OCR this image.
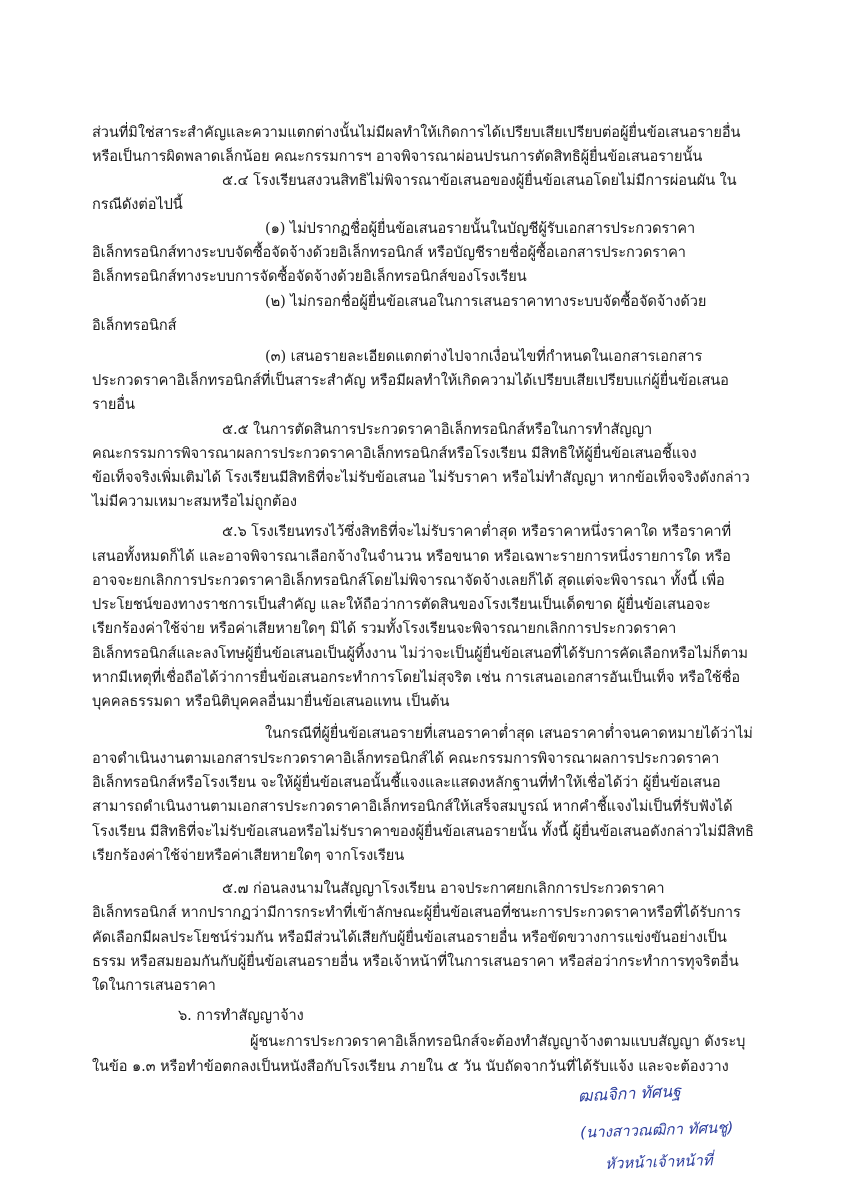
ส่วนที่มิใช่สาระสำคัญและความแตกต่างนั้นไม่มีผลทำให้เกิดการได้เปรียบเสียเปรียบต่อผู้ยื่นข้อเสนอรายอื่น
หรือเป็นการผิดพลาดเล็กน้อย คณะกรรมการฯ อาจพิจารณาผ่อนปรนการตัดสิทธิผู้ยื่นข้อเสนอรายนั้น
๕.๔ โรงเรียนสงวนสิทธิไม่พิจารณาข้อเสนอของผู้ยื่นข้อเสนอโดยไม่มีการผ่อนผัน ใน
กรณีดังต่อไปนี้
(๑) ไม่ปรากฏชื่อผู้ยื่นข้อเสนอรายนั้นในบัญชีผู้รับเอกสารประกวดราคา
อิเล็กทรอนิกส์ทางระบบจัดซื้อจัดจ้างด้วยอิเล็กทรอนิกส์ หรือบัญชีรายชื่อผู้ซื้อเอกสารประกวดราคา
อิเล็กทรอนิกส์ทางระบบการจัดซื้อจัดจ้างด้วยอิเล็กทรอนิกส์ของโรงเรียน
(๒) ไม่กรอกชื่อผู้ยื่นข้อเสนอในการเสนอราคาทางระบบจัดซื้อจัดจ้างด้วย
อิเล็กทรอนิกส์
(๓) เสนอรายละเอียดแตกต่างไปจากเงื่อนไขที่กำหนดในเอกสารเอกสาร
ประกวดราคาอิเล็กทรอนิกส์ที่เป็นสาระสำคัญ หรือมีผลทำให้เกิดความได้เปรียบเสียเปรียบแก่ผู้ยื่นข้อเสนอ
รายอื่น
๕.๕ ในการตัดสินการประกวดราคาอิเล็กทรอนิกส์หรือในการทำสัญญา
คณะกรรมการพิจารณาผลการประกวดราคาอิเล็กทรอนิกส์หรือโรงเรียน มีสิทธิให้ผู้ยื่นข้อเสนอชี้แจง
ข้อเท็จจริงเพิ่มเติมได้ โรงเรียนมีสิทธิที่จะไม่รับข้อเสนอ ไม่รับราคา หรือไม่ทำสัญญา หากข้อเท็จจริงดังกล่าว
ไม่มีความเหมาะสมหรือไม่ถูกต้อง
๕.๖ โรงเรียนทรงไว้ซึ่งสิทธิที่จะไม่รับราคาต่ำสุด หรือราคาหนึ่งราคาใด หรือราคาที่
เสนอทั้งหมดก็ได้ และอาจพิจารณาเลือกจ้างในจำนวน หรือขนาด หรือเฉพาะรายการหนึ่งรายการใด หรือ
อาจจะยกเลิกการประกวดราคาอิเล็กทรอนิกส์โดยไม่พิจารณาจัดจ้างเลยก็ได้ สุดแต่จะพิจารณา ทั้งนี้ เพื่อ
ประโยชน์ของทางราชการเป็นสำคัญ และให้ถือว่าการตัดสินของโรงเรียนเป็นเด็ดขาด ผู้ยื่นข้อเสนอจะ
เรียกร้องค่าใช้จ่าย หรือค่าเสียหายใดๆ มิได้ รวมทั้งโรงเรียนจะพิจารณายกเลิกการประกวดราคา
อิเล็กทรอนิกส์และลงโทษผู้ยื่นข้อเสนอเป็นผู้ทิ้งงาน ไม่ว่าจะเป็นผู้ยื่นข้อเสนอที่ได้รับการคัดเลือกหรือไม่ก็ตาม
หากมีเหตุที่เชื่อถือได้ว่าการยื่นข้อเสนอกระทำการโดยไม่สุจริต เช่น การเสนอเอกสารอันเป็นเท็จ หรือใช้ชื่อ
บุคคลธรรมดา หรือนิติบุคคลอื่นมายื่นข้อเสนอแทน เป็นต้น
ในกรณีที่ผู้ยื่นข้อเสนอรายที่เสนอราคาต่ำสุด เสนอราคาต่ำจนคาดหมายได้ว่าไม่
อาจดำเนินงานตามเอกสารประกวดราคาอิเล็กทรอนิกส์ได้ คณะกรรมการพิจารณาผลการประกวดราคา
อิเล็กทรอนิกส์หรือโรงเรียน จะให้ผู้ยื่นข้อเสนอนั้นชี้แจงและแสดงหลักฐานที่ทำให้เชื่อได้ว่า ผู้ยื่นข้อเสนอ
สามารถดำเนินงานตามเอกสารประกวดราคาอิเล็กทรอนิกส์ให้เสร็จสมบูรณ์ หากคำชี้แจงไม่เป็นที่รับฟังได้
โรงเรียน มีสิทธิที่จะไม่รับข้อเสนอหรือไม่รับราคาของผู้ยื่นข้อเสนอรายนั้น ทั้งนี้ ผู้ยื่นข้อเสนอดังกล่าวไม่มีสิทธิ
เรียกร้องค่าใช้จ่ายหรือค่าเสียหายใดๆ จากโรงเรียน
๕.๗ ก่อนลงนามในสัญญาโรงเรียน อาจประกาศยกเลิกการประกวดราคา
อิเล็กทรอนิกส์ หากปรากฏว่ามีการกระทำที่เข้าลักษณะผู้ยื่นข้อเสนอที่ชนะการประกวดราคาหรือที่ได้รับการ
คัดเลือกมีผลประโยชน์ร่วมกัน หรือมีส่วนได้เสียกับผู้ยื่นข้อเสนอรายอื่น หรือขัดขวางการแข่งขันอย่างเป็น
ธรรม หรือสมยอมกันกับผู้ยื่นข้อเสนอรายอื่น หรือเจ้าหน้าที่ในการเสนอราคา หรือส่อว่ากระทำการทุจริตอื่น
ใดในการเสนอราคา
๖. การทำสัญญาจ้าง
ผู้ชนะการประกวดราคาอิเล็กทรอนิกส์จะต้องทำสัญญาจ้างตามแบบสัญญา ดังระบุ
ในข้อ ๑.๓ หรือทำข้อตกลงเป็นหนังสือกับโรงเรียน ภายใน ๕ วัน นับถัดจากวันที่ได้รับแจ้ง และจะต้องวาง
ฒณจิกา ทัศนฐ
(นางสาวณฒิกา ทัศนชู)
หัวหน้าเจ้าหน้าที่
